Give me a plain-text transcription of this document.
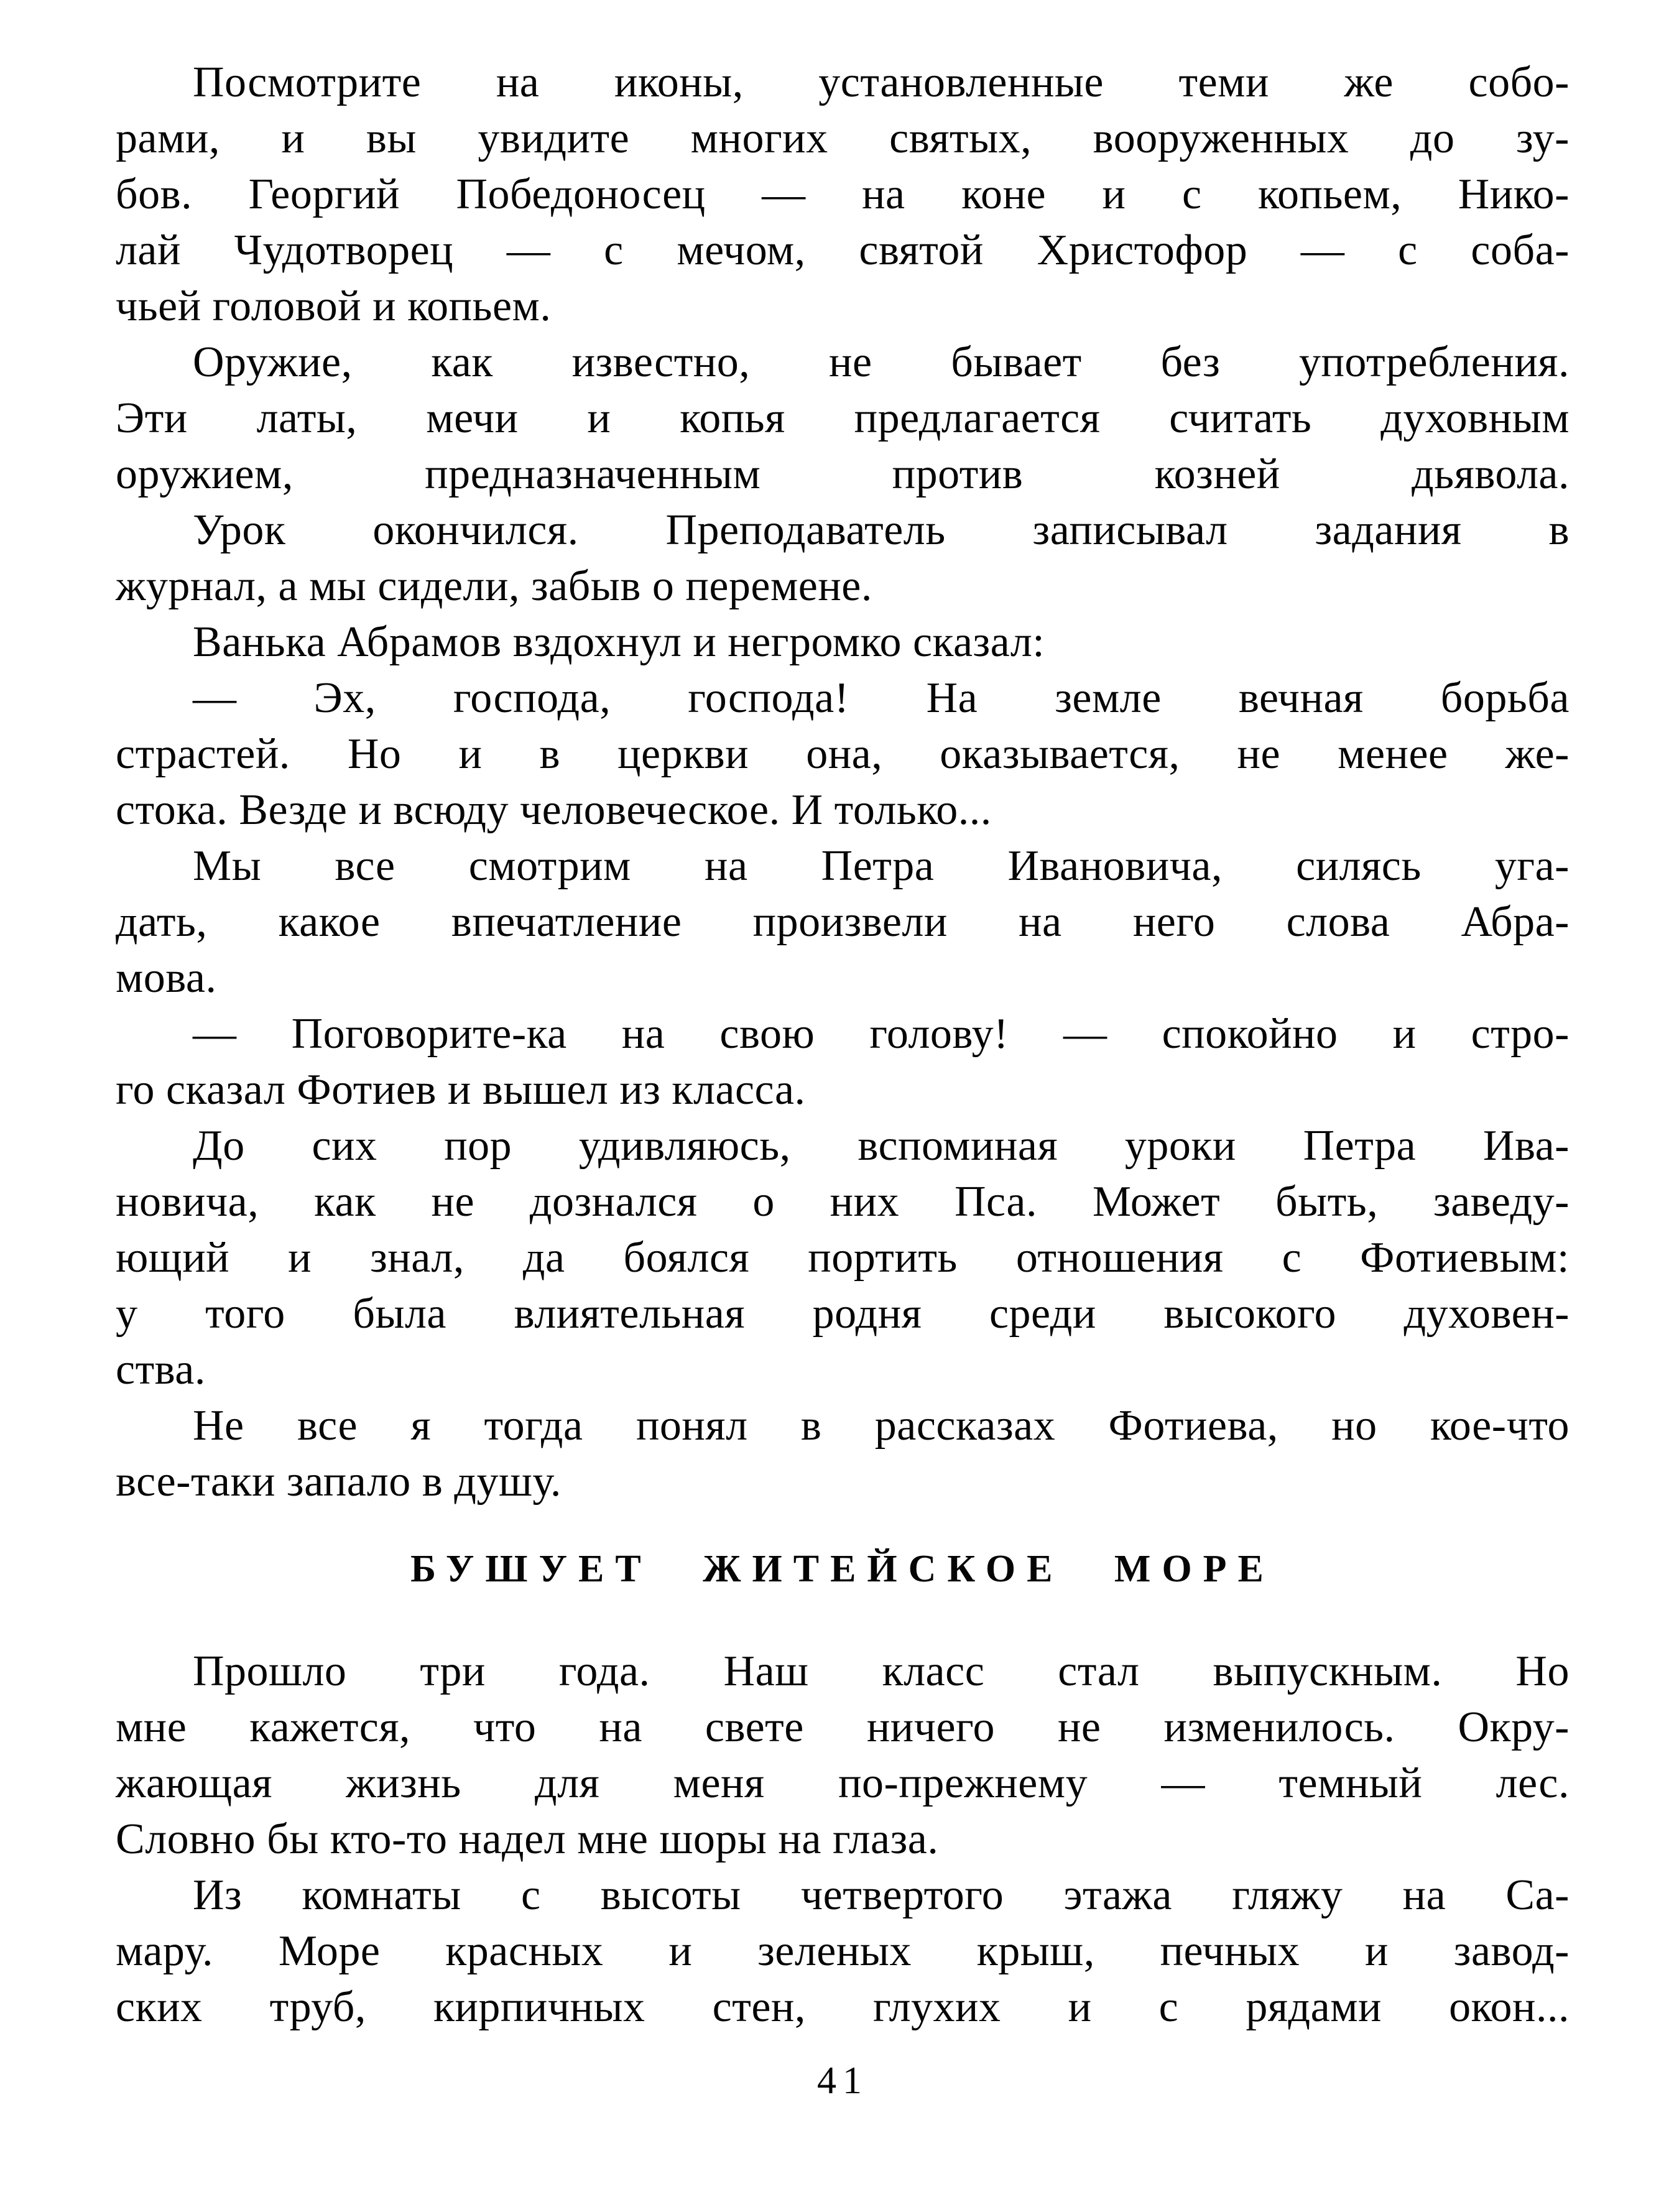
Посмотрите на иконы, установленные теми же собо-
рами, и вы увидите многих святых, вооруженных до зу-
бов. Георгий Победоносец — на коне и с копьем, Нико-
лай Чудотворец — с мечом, святой Христофор — с соба-
чьей головой и копьем.
Оружие, как известно, не бывает без употребления.
Эти латы, мечи и копья предлагается считать духовным
оружием, предназначенным против козней дьявола.
Урок окончился. Преподаватель записывал задания в
журнал, а мы сидели, забыв о перемене.
Ванька Абрамов вздохнул и негромко сказал:
— Эх, господа, господа! На земле вечная борьба
страстей. Но и в церкви она, оказывается, не менее же-
стока. Везде и всюду человеческое. И только...
Мы все смотрим на Петра Ивановича, силясь уга-
дать, какое впечатление произвели на него слова Абра-
мова.
— Поговорите-ка на свою голову! — спокойно и стро-
го сказал Фотиев и вышел из класса.
До сих пор удивляюсь, вспоминая уроки Петра Ива-
новича, как не дознался о них Пса. Может быть, заведу-
ющий и знал, да боялся портить отношения с Фотиевым:
у того была влиятельная родня среди высокого духовен-
ства.
Не все я тогда понял в рассказах Фотиева, но кое-что
все-таки запало в душу.
БУШУЕТ ЖИТЕЙСКОЕ МОРЕ
Прошло три года. Наш класс стал выпускным. Но
мне кажется, что на свете ничего не изменилось. Окру-
жающая жизнь для меня по-прежнему — темный лес.
Словно бы кто-то надел мне шоры на глаза.
Из комнаты с высоты четвертого этажа гляжу на Са-
мару. Море красных и зеленых крыш, печных и завод-
ских труб, кирпичных стен, глухих и с рядами окон...
41
